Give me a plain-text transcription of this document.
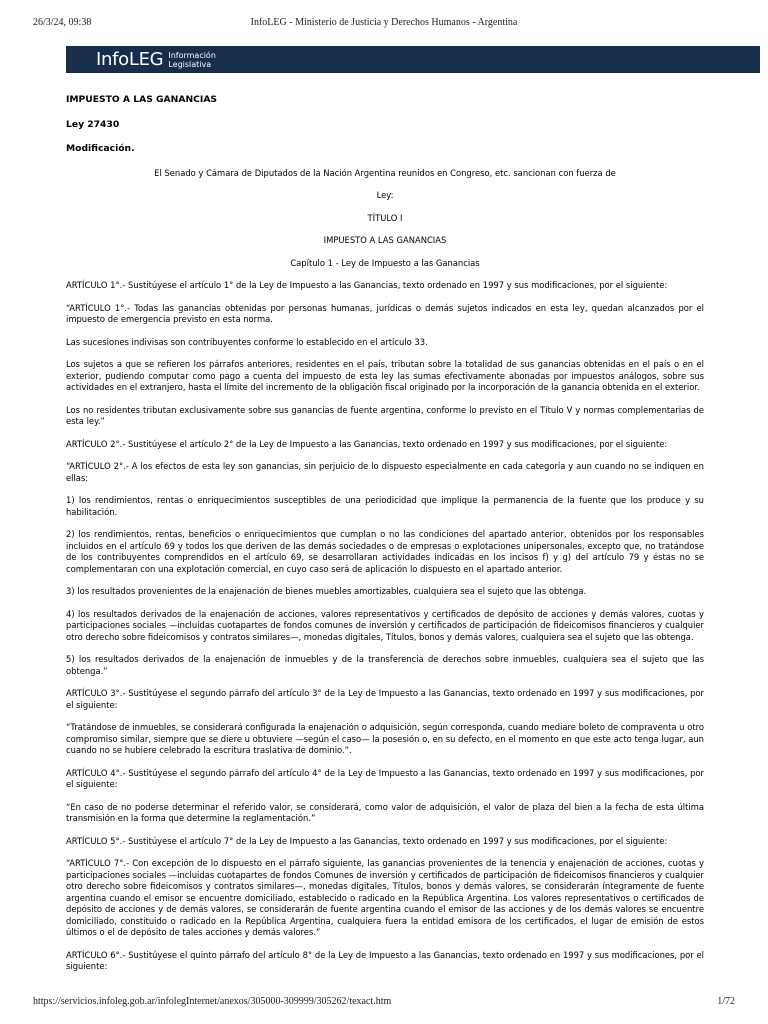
26/3/24, 09:38	InfoLEG - Ministerio de Justicia y Derechos Humanos - Argentina
InfoLEG Información
Legislativa

IMPUESTO A LAS GANANCIAS

Ley 27430

Modificación.

El Senado y Cámara de Diputados de la Nación Argentina reunidos en Congreso, etc. sancionan con fuerza de

Ley:

TÍTULO I

IMPUESTO A LAS GANANCIAS

Capítulo 1 - Ley de Impuesto a las Ganancias

ARTÍCULO 1°.- Sustitúyese el artículo 1° de la Ley de Impuesto a las Ganancias, texto ordenado en 1997 y sus modificaciones, por el siguiente:

“ARTÍCULO 1°.- Todas las ganancias obtenidas por personas humanas, jurídicas o demás sujetos indicados en esta ley, quedan alcanzados por el impuesto de emergencia previsto en esta norma.

Las sucesiones indivisas son contribuyentes conforme lo establecido en el artículo 33.

Los sujetos a que se refieren los párrafos anteriores, residentes en el país, tributan sobre la totalidad de sus ganancias obtenidas en el país o en el exterior, pudiendo computar como pago a cuenta del impuesto de esta ley las sumas efectivamente abonadas por impuestos análogos, sobre sus actividades en el extranjero, hasta el límite del incremento de la obligación fiscal originado por la incorporación de la ganancia obtenida en el exterior.

Los no residentes tributan exclusivamente sobre sus ganancias de fuente argentina, conforme lo previsto en el Título V y normas complementarias de esta ley.”

ARTÍCULO 2°.- Sustitúyese el artículo 2° de la Ley de Impuesto a las Ganancias, texto ordenado en 1997 y sus modificaciones, por el siguiente:

“ARTÍCULO 2°.- A los efectos de esta ley son ganancias, sin perjuicio de lo dispuesto especialmente en cada categoría y aun cuando no se indiquen en ellas:

1) los rendimientos, rentas o enriquecimientos susceptibles de una periodicidad que implique la permanencia de la fuente que los produce y su habilitación.

2) los rendimientos, rentas, beneficios o enriquecimientos que cumplan o no las condiciones del apartado anterior, obtenidos por los responsables incluidos en el artículo 69 y todos los que deriven de las demás sociedades o de empresas o explotaciones unipersonales, excepto que, no tratándose de los contribuyentes comprendidos en el artículo 69, se desarrollaran actividades indicadas en los incisos f) y g) del artículo 79 y éstas no se complementaran con una explotación comercial, en cuyo caso será de aplicación lo dispuesto en el apartado anterior.

3) los resultados provenientes de la enajenación de bienes muebles amortizables, cualquiera sea el sujeto que las obtenga.

4) los resultados derivados de la enajenación de acciones, valores representativos y certificados de depósito de acciones y demás valores, cuotas y participaciones sociales —incluidas cuotapartes de fondos comunes de inversión y certificados de participación de fideicomisos financieros y cualquier otro derecho sobre fideicomisos y contratos similares—, monedas digitales, Títulos, bonos y demás valores, cualquiera sea el sujeto que las obtenga.

5) los resultados derivados de la enajenación de inmuebles y de la transferencia de derechos sobre inmuebles, cualquiera sea el sujeto que las obtenga.”

ARTÍCULO 3°.- Sustitúyese el segundo párrafo del artículo 3° de la Ley de Impuesto a las Ganancias, texto ordenado en 1997 y sus modificaciones, por el siguiente:

“Tratándose de inmuebles, se considerará configurada la enajenación o adquisición, según corresponda, cuando mediare boleto de compraventa u otro compromiso similar, siempre que se diere u obtuviere —según el caso— la posesión o, en su defecto, en el momento en que este acto tenga lugar, aun cuando no se hubiere celebrado la escritura traslativa de dominio.”.

ARTÍCULO 4°.- Sustitúyese el segundo párrafo del artículo 4° de la Ley de Impuesto a las Ganancias, texto ordenado en 1997 y sus modificaciones, por el siguiente:

“En caso de no poderse determinar el referido valor, se considerará, como valor de adquisición, el valor de plaza del bien a la fecha de esta última transmisión en la forma que determine la reglamentación.”

ARTÍCULO 5°.- Sustitúyese el artículo 7° de la Ley de Impuesto a las Ganancias, texto ordenado en 1997 y sus modificaciones, por el siguiente:

“ARTÍCULO 7°.- Con excepción de lo dispuesto en el párrafo siguiente, las ganancias provenientes de la tenencia y enajenación de acciones, cuotas y participaciones sociales —incluidas cuotapartes de fondos Comunes de inversión y certificados de participación de fideicomisos financieros y cualquier otro derecho sobre fideicomisos y contratos similares—, monedas digitales, Títulos, bonos y demás valores, se considerarán íntegramente de fuente argentina cuando el emisor se encuentre domiciliado, establecido o radicado en la República Argentina. Los valores representativos o certificados de depósito de acciones y de demás valores, se considerarán de fuente argentina cuando el emisor de las acciones y de los demás valores se encuentre domiciliado, constituido o radicado en la República Argentina, cualquiera fuera la entidad emisora de los certificados, el lugar de emisión de estos últimos o el de depósito de tales acciones y demás valores.”

ARTÍCULO 6°.- Sustitúyese el quinto párrafo del artículo 8° de la Ley de Impuesto a las Ganancias, texto ordenado en 1997 y sus modificaciones, por el siguiente:

https://servicios.infoleg.gob.ar/infolegInternet/anexos/305000-309999/305262/texact.htm	1/72
